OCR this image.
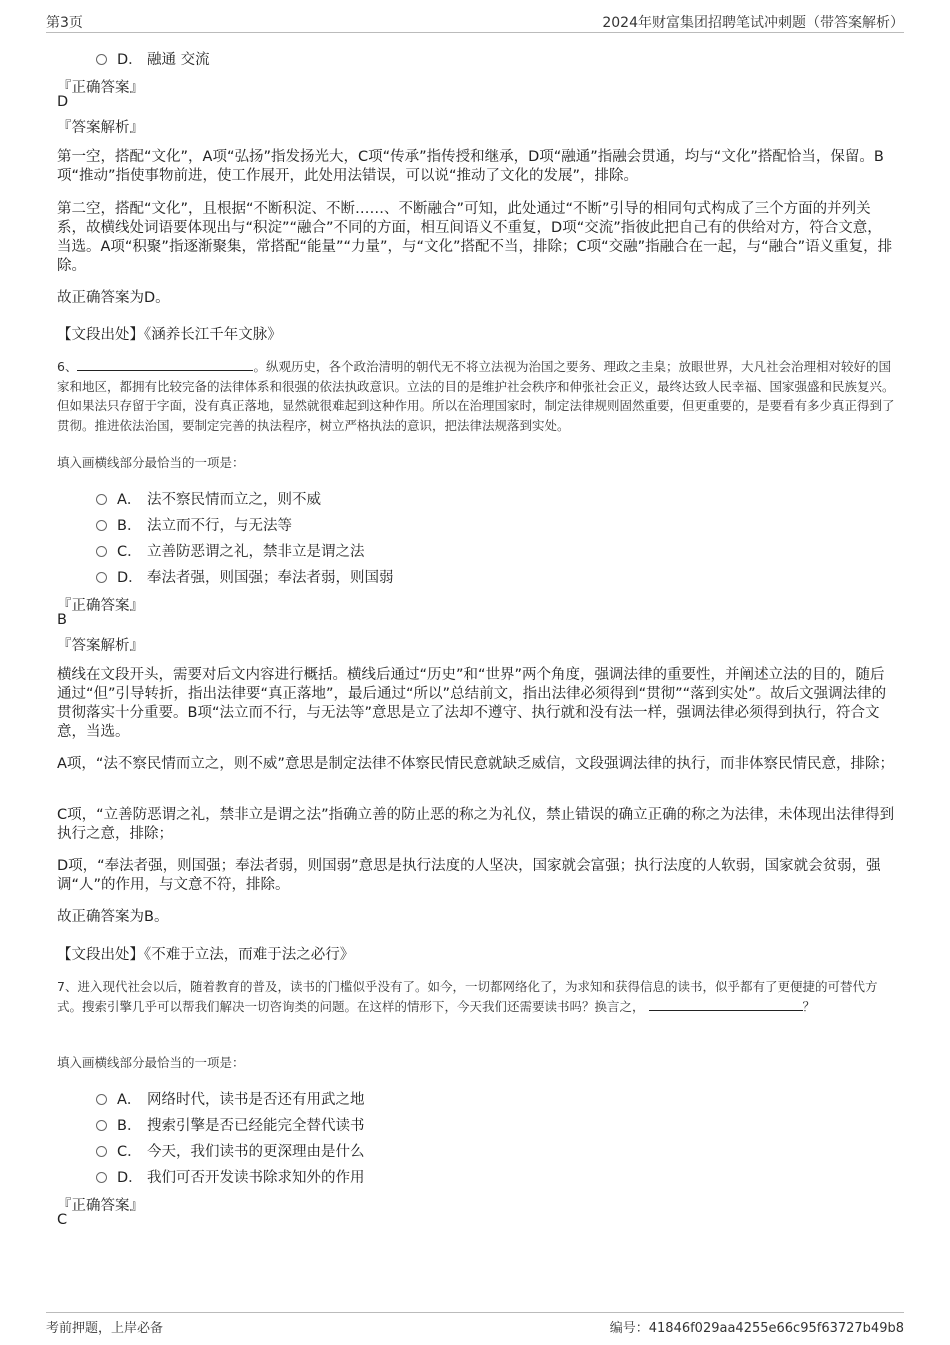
第3页	2024年财富集团招聘笔试冲刺题（带答案解析）
D． 融通 交流
『正确答案』
D
『答案解析』
第一空，搭配“文化”，A项“弘扬”指发扬光大，C项“传承”指传授和继承，D项“融通”指融会贯通，均与“文化”搭配恰当，保留。B项“推动”指使事物前进，使工作展开，此处用法错误，可以说“推动了文化的发展”，排除。
第二空，搭配“文化”，且根据“不断积淀、不断……、不断融合”可知，此处通过“不断”引导的相同句式构成了三个方面的并列关系，故横线处词语要体现出与“积淀”“融合”不同的方面，相互间语义不重复，D项“交流”指彼此把自己有的供给对方，符合文意，当选。A项“积聚”指逐渐聚集，常搭配“能量”“力量”，与“文化”搭配不当，排除；C项“交融”指融合在一起，与“融合”语义重复，排除。
故正确答案为D。
【文段出处】《涵养长江千年文脉》
6、	。纵观历史，各个政治清明的朝代无不将立法视为治国之要务、理政之圭臬；放眼世界，大凡社会治理相对较好的国家和地区，都拥有比较完备的法律体系和很强的依法执政意识。立法的目的是维护社会秩序和伸张社会正义，最终达致人民幸福、国家强盛和民族复兴。但如果法只存留于字面，没有真正落地，显然就很难起到这种作用。所以在治理国家时，制定法律规则固然重要，但更重要的，是要看有多少真正得到了贯彻。推进依法治国，要制定完善的执法程序，树立严格执法的意识，把法律法规落到实处。
填入画横线部分最恰当的一项是：
A． 法不察民情而立之，则不威
B． 法立而不行，与无法等
C． 立善防恶谓之礼，禁非立是谓之法
D． 奉法者强，则国强；奉法者弱，则国弱
『正确答案』
B
『答案解析』
横线在文段开头，需要对后文内容进行概括。横线后通过“历史”和“世界”两个角度，强调法律的重要性，并阐述立法的目的，随后通过“但”引导转折，指出法律要“真正落地”，最后通过“所以”总结前文，指出法律必须得到“贯彻”“落到实处”。故后文强调法律的贯彻落实十分重要。B项“法立而不行，与无法等”意思是立了法却不遵守、执行就和没有法一样，强调法律必须得到执行，符合文意，当选。
A项，“法不察民情而立之，则不威”意思是制定法律不体察民情民意就缺乏威信，文段强调法律的执行，而非体察民情民意，排除；
C项，“立善防恶谓之礼，禁非立是谓之法”指确立善的防止恶的称之为礼仪，禁止错误的确立正确的称之为法律，未体现出法律得到执行之意，排除；
D项，“奉法者强，则国强；奉法者弱，则国弱”意思是执行法度的人坚决，国家就会富强；执行法度的人软弱，国家就会贫弱，强调“人”的作用，与文意不符，排除。
故正确答案为B。
【文段出处】《不难于立法，而难于法之必行》
7、进入现代社会以后，随着教育的普及，读书的门槛似乎没有了。如今，一切都网络化了，为求知和获得信息的读书，似乎都有了更便捷的可替代方式。搜索引擎几乎可以帮我们解决一切咨询类的问题。在这样的情形下，今天我们还需要读书吗？换言之，	？
填入画横线部分最恰当的一项是：
A． 网络时代，读书是否还有用武之地
B． 搜索引擎是否已经能完全替代读书
C． 今天，我们读书的更深理由是什么
D． 我们可否开发读书除求知外的作用
『正确答案』
C
考前押题，上岸必备	编号：41846f029aa4255e66c95f63727b49b8
